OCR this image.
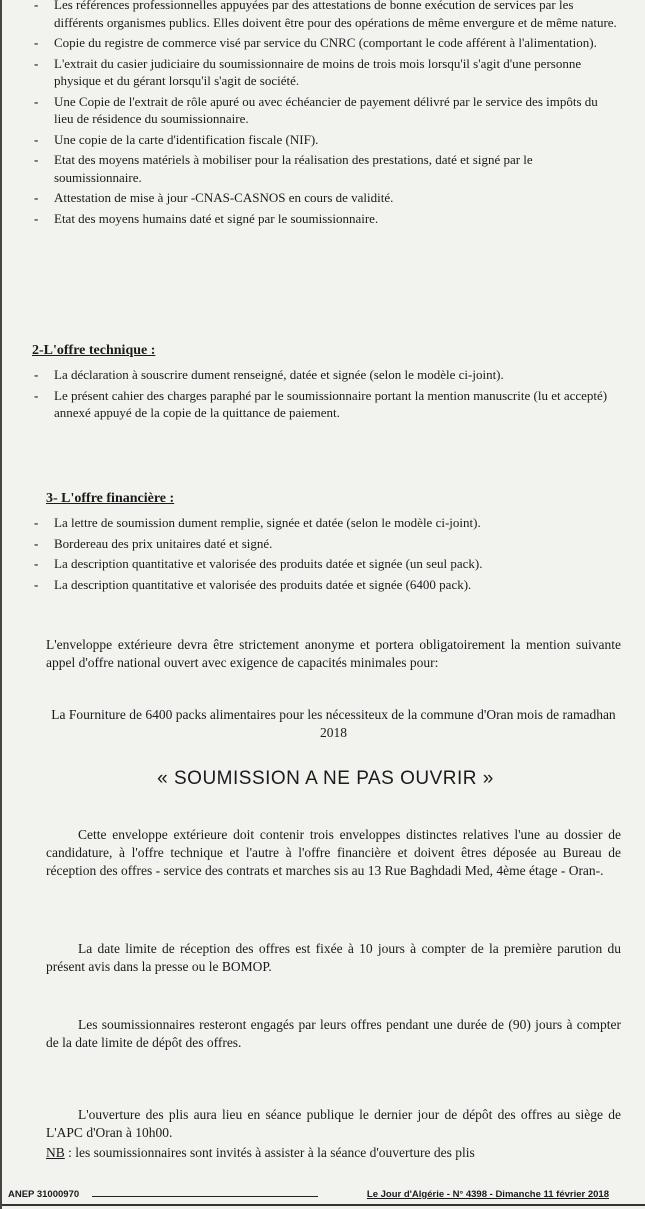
- Les références professionnelles appuyées par des attestations de bonne exécution de services par les différents organismes publics. Elles doivent être pour des opérations de même envergure et de même nature.
- Copie du registre de commerce visé par service du CNRC (comportant le code afférent à l'alimentation).
- L'extrait du casier judiciaire du soumissionnaire de moins de trois mois lorsqu'il s'agit d'une personne physique et du gérant lorsqu'il s'agit de société.
- Une Copie de l'extrait de rôle apuré ou avec échéancier de payement délivré par le service des impôts du lieu de résidence du soumissionnaire.
- Une copie de la carte d'identification fiscale (NIF).
- Etat des moyens matériels à mobiliser pour la réalisation des prestations, daté et signé par le soumissionnaire.
- Attestation de mise à jour -CNAS-CASNOS en cours de validité.
- Etat des moyens humains daté et signé par le soumissionnaire.

2-L'offre technique :

- La déclaration à souscrire dument renseigné, datée et signée (selon le modèle ci-joint).
- Le présent cahier des charges paraphé par le soumissionnaire portant la mention manuscrite (lu et accepté) annexé appuyé de la copie de la quittance de paiement.

3- L'offre financière :

- La lettre de soumission dument remplie, signée et datée (selon le modèle ci-joint).
- Bordereau des prix unitaires daté et signé.
- La description quantitative et valorisée des produits datée et signée (un seul pack).
- La description quantitative et valorisée des produits datée et signée (6400 pack).

L'enveloppe extérieure devra être strictement anonyme et portera obligatoirement la mention suivante appel d'offre national ouvert avec exigence de capacités minimales pour:

La Fourniture de 6400 packs alimentaires pour les nécessiteux de la commune d'Oran mois de ramadhan 2018

« SOUMISSION A NE PAS OUVRIR »

Cette enveloppe extérieure doit contenir trois enveloppes distinctes relatives l'une au dossier de candidature, à l'offre technique et l'autre à l'offre financière et doivent êtres déposée au Bureau de réception des offres - service des contrats et marches sis au 13 Rue Baghdadi Med, 4ème étage - Oran-.

La date limite de réception des offres est fixée à 10 jours à compter de la première parution du présent avis dans la presse ou le BOMOP.

Les soumissionnaires resteront engagés par leurs offres pendant une durée de (90) jours à compter de la date limite de dépôt des offres.

L'ouverture des plis aura lieu en séance publique le dernier jour de dépôt des offres au siège de L'APC d'Oran à 10h00.

NB : les soumissionnaires sont invités à assister à la séance d'ouverture des plis

ANEP 31000970	Le Jour d'Algérie - N° 4398 - Dimanche 11 février 2018
